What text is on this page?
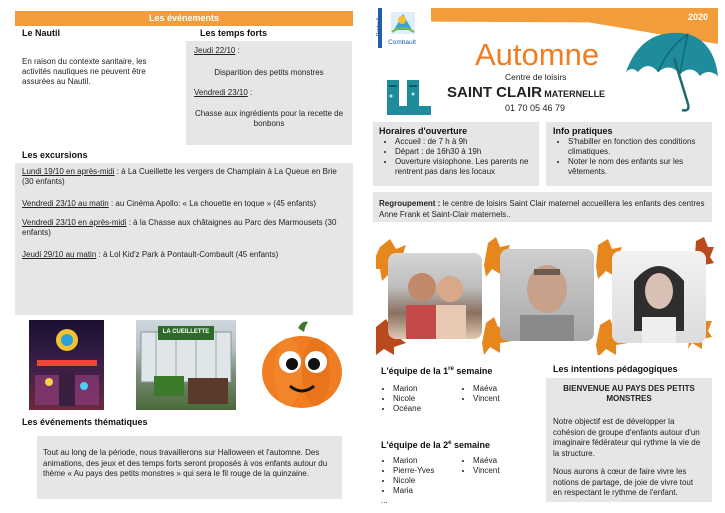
Les événements
Le Nautil
En raison du contexte sanitaire, les activités nautiques ne peuvent être assurées au Nautil.
Les temps forts
Jeudi 22/10 :
Disparition des petits monstres
Vendredi 23/10 :
Chasse aux ingrédients pour la recette de bonbons
Les excursions
Lundi 19/10 en après-midi : à La Cueillette les vergers de Champlain à La Queue en Brie (30 enfants)
Vendredi 23/10 au matin : au Cinéma Apollo: « La chouette en toque » (45 enfants)
Vendredi 23/10 en après-midi : à la Chasse aux châtaignes au Parc des Marmousets (30 enfants)
Jeudi 29/10 au matin : à Lol Kid'z Park à Pontault-Combault (45 enfants)
LA CUEILLETTE
Les événements thématiques
Tout au long de la période, nous travaillerons sur Halloween et l'automne. Des animations, des jeux et des temps forts seront proposés à vos enfants autour du thème « Au pays des petits monstres » qui sera le fil rouge de la quinzaine.
Pontault
Combault
2020
Automne
Centre de loisirs
SAINT CLAIR MATERNELLE
01 70 05 46 79
Horaires d'ouverture
• Accueil : de 7 h à 9h
• Départ : de 16h30 à 19h
• Ouverture visiophone. Les parents ne rentrent pas dans les locaux
Info pratiques
• S'habiller en fonction des conditions climatiques.
• Noter le nom des enfants sur les vêtements.
Regroupement : le centre de loisirs Saint Clair maternel accueillera les enfants des centres Anne Frank et Saint-Clair maternels..
L'équipe de la 1re semaine
• Marion
• Nicole
• Océane
• Maéva
• Vincent
L'équipe de la 2e semaine
• Marion
• Pierre-Yves
• Nicole
• Maria
...
• Maéva
• Vincent
Les intentions pédagogiques
BIENVENUE AU PAYS DES PETITS MONSTRES
Notre objectif est de développer la cohésion de groupe d'enfants autour d'un imaginaire fédérateur qui rythme la vie de la structure.
Nous aurons à cœur de faire vivre les notions de partage, de joie de vivre tout en respectant le rythme de l'enfant.
